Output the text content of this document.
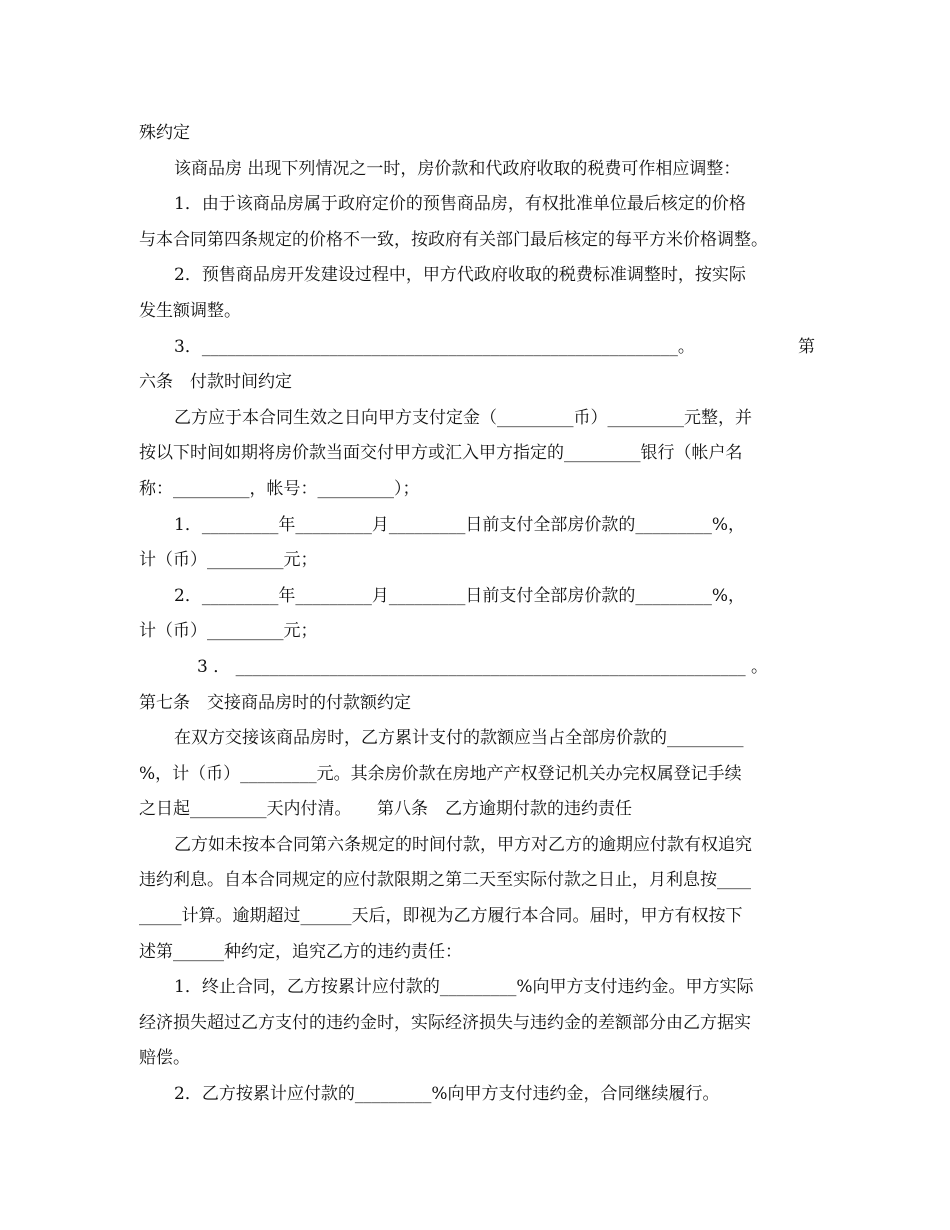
殊约定
该商品房 出现下列情况之一时，房价款和代政府收取的税费可作相应调整：
1．由于该商品房属于政府定价的预售商品房，有权批准单位最后核定的价格
与本合同第四条规定的价格不一致，按政府有关部门最后核定的每平方米价格调整。
2．预售商品房开发建设过程中，甲方代政府收取的税费标准调整时，按实际
发生额调整。
3．________________________________________________________。	第
六条　付款时间约定
乙方应于本合同生效之日向甲方支付定金（_________币）_________元整，并
按以下时间如期将房价款当面交付甲方或汇入甲方指定的_________银行（帐户名
称：_________，帐号：_________）；
1．_________年_________月_________日前支付全部房价款的_________%，
计（币）_________元；
2．_________年_________月_________日前支付全部房价款的_________%，
计（币）_________元；
3 ． ____________________________________________________________ 。
第七条　交接商品房时的付款额约定
在双方交接该商品房时，乙方累计支付的款额应当占全部房价款的_________
%，计（币）_________元。其余房价款在房地产产权登记机关办完权属登记手续
之日起_________天内付清。　　第八条　乙方逾期付款的违约责任
乙方如未按本合同第六条规定的时间付款，甲方对乙方的逾期应付款有权追究
违约利息。自本合同规定的应付款限期之第二天至实际付款之日止，月利息按____
_____计算。逾期超过______天后，即视为乙方履行本合同。届时，甲方有权按下
述第______种约定，追究乙方的违约责任：
1．终止合同，乙方按累计应付款的_________%向甲方支付违约金。甲方实际
经济损失超过乙方支付的违约金时，实际经济损失与违约金的差额部分由乙方据实
赔偿。
2．乙方按累计应付款的_________%向甲方支付违约金，合同继续履行。
